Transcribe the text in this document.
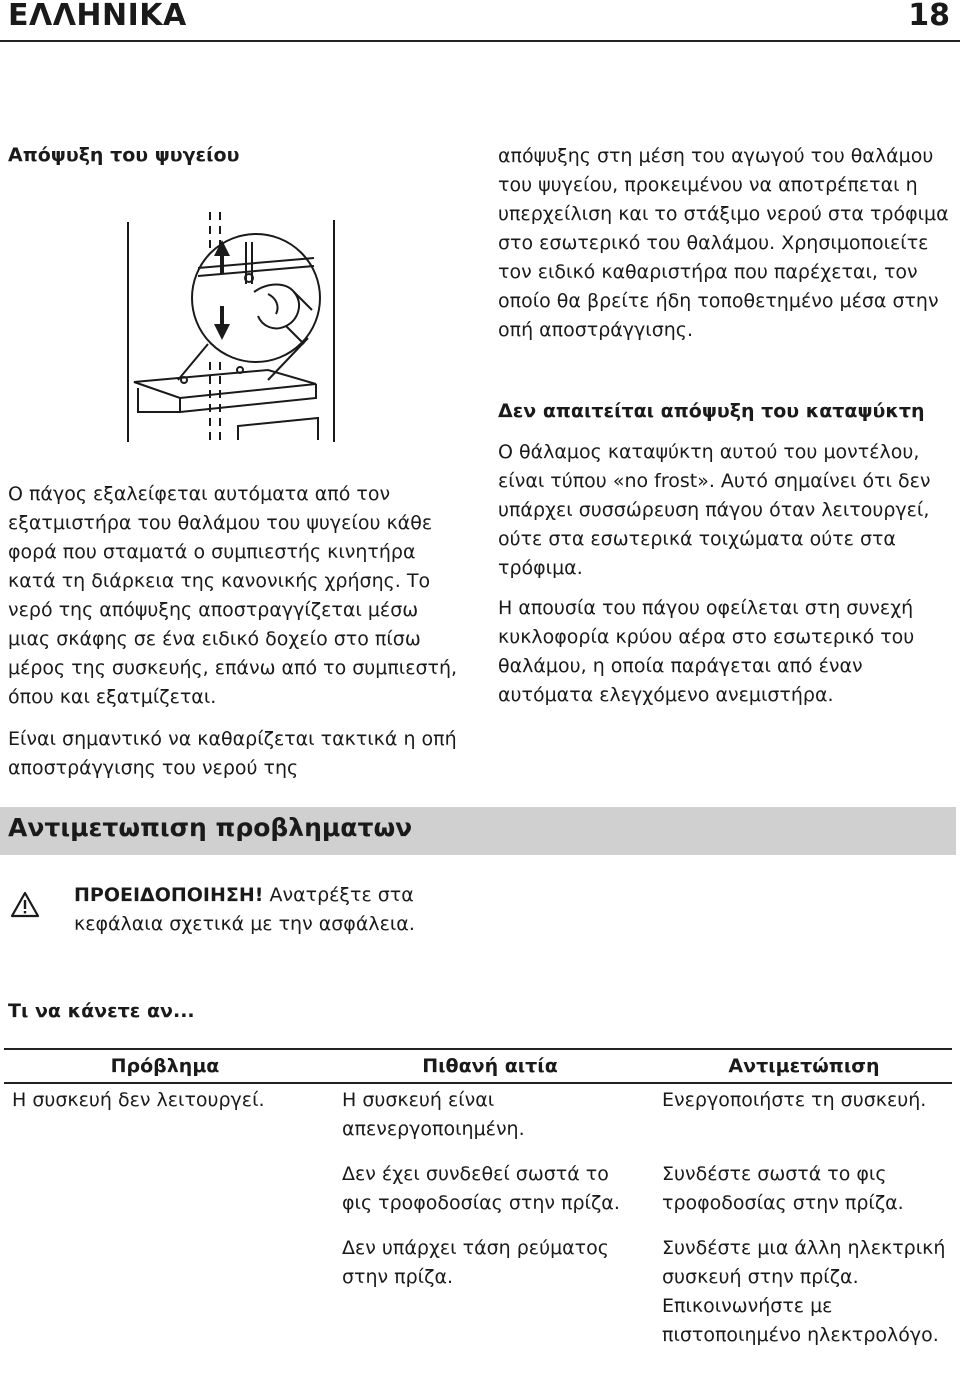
ΕΛΛΗΝΙΚΑ	18
Απόψυξη του ψυγείου

Ο πάγος εξαλείφεται αυτόματα από τον εξατμιστήρα του θαλάμου του ψυγείου κάθε φορά που σταματά ο συμπιεστής κινητήρα κατά τη διάρκεια της κανονικής χρήσης. Το νερό της απόψυξης αποστραγγίζεται μέσω μιας σκάφης σε ένα ειδικό δοχείο στο πίσω μέρος της συσκευής, επάνω από το συμπιεστή, όπου και εξατμίζεται.

Είναι σημαντικό να καθαρίζεται τακτικά η οπή αποστράγγισης του νερού της

απόψυξης στη μέση του αγωγού του θαλάμου του ψυγείου, προκειμένου να αποτρέπεται η υπερχείλιση και το στάξιμο νερού στα τρόφιμα στο εσωτερικό του θαλάμου. Χρησιμοποιείτε τον ειδικό καθαριστήρα που παρέχεται, τον οποίο θα βρείτε ήδη τοποθετημένο μέσα στην οπή αποστράγγισης.

Δεν απαιτείται απόψυξη του καταψύκτη

Ο θάλαμος καταψύκτη αυτού του μοντέλου, είναι τύπου «no frost». Αυτό σημαίνει ότι δεν υπάρχει συσσώρευση πάγου όταν λειτουργεί, ούτε στα εσωτερικά τοιχώματα ούτε στα τρόφιμα.

Η απουσία του πάγου οφείλεται στη συνεχή κυκλοφορία κρύου αέρα στο εσωτερικό του θαλάμου, η οποία παράγεται από έναν αυτόματα ελεγχόμενο ανεμιστήρα.

Αντιμετωπιση προβληματων
ΠΡΟΕΙΔΟΠΟΙΗΣΗ! Ανατρέξτε στα κεφάλαια σχετικά με την ασφάλεια.
Τι να κάνετε αν...
Πρόβλημα	Πιθανή αιτία	Αντιμετώπιση
Η συσκευή δεν λειτουργεί.	Η συσκευή είναι απενεργοποιημένη.	Ενεργοποιήστε τη συσκευή.
	Δεν έχει συνδεθεί σωστά το φις τροφοδοσίας στην πρίζα.	Συνδέστε σωστά το φις τροφοδοσίας στην πρίζα.
	Δεν υπάρχει τάση ρεύματος στην πρίζα.	Συνδέστε μια άλλη ηλεκτρική συσκευή στην πρίζα. Επικοινωνήστε με πιστοποιημένο ηλεκτρολόγο.
